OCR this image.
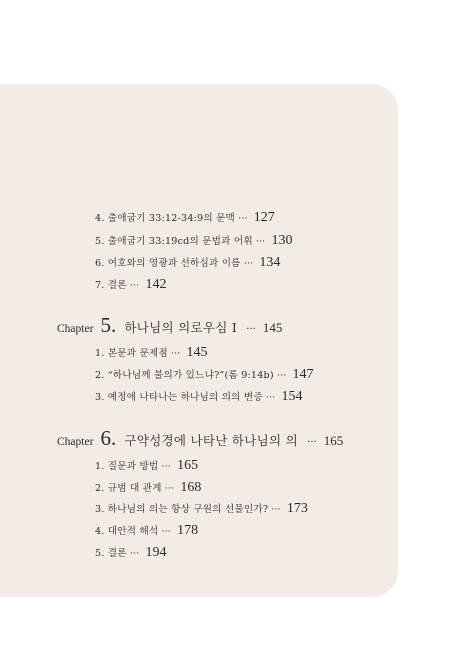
4. 출애굽기 33:12-34:9의 문맥 ··· 127
5. 출애굽기 33:19cd의 문법과 어휘 ··· 130
6. 여호와의 영광과 선하심과 이름 ··· 134
7. 결론 ··· 142
Chapter 5. 하나님의 의로우심 I ··· 145
1. 본문과 문제점 ··· 145
2. “하나님께 불의가 있느냐?”(롬 9:14b) ··· 147
3. 예정에 나타나는 하나님의 의의 변증 ··· 154
Chapter 6. 구약성경에 나타난 하나님의 의 ··· 165
1. 질문과 방법 ··· 165
2. 규범 대 관계 ··· 168
3. 하나님의 의는 항상 구원의 선물인가? ··· 173
4. 대안적 해석 ··· 178
5. 결론 ··· 194
